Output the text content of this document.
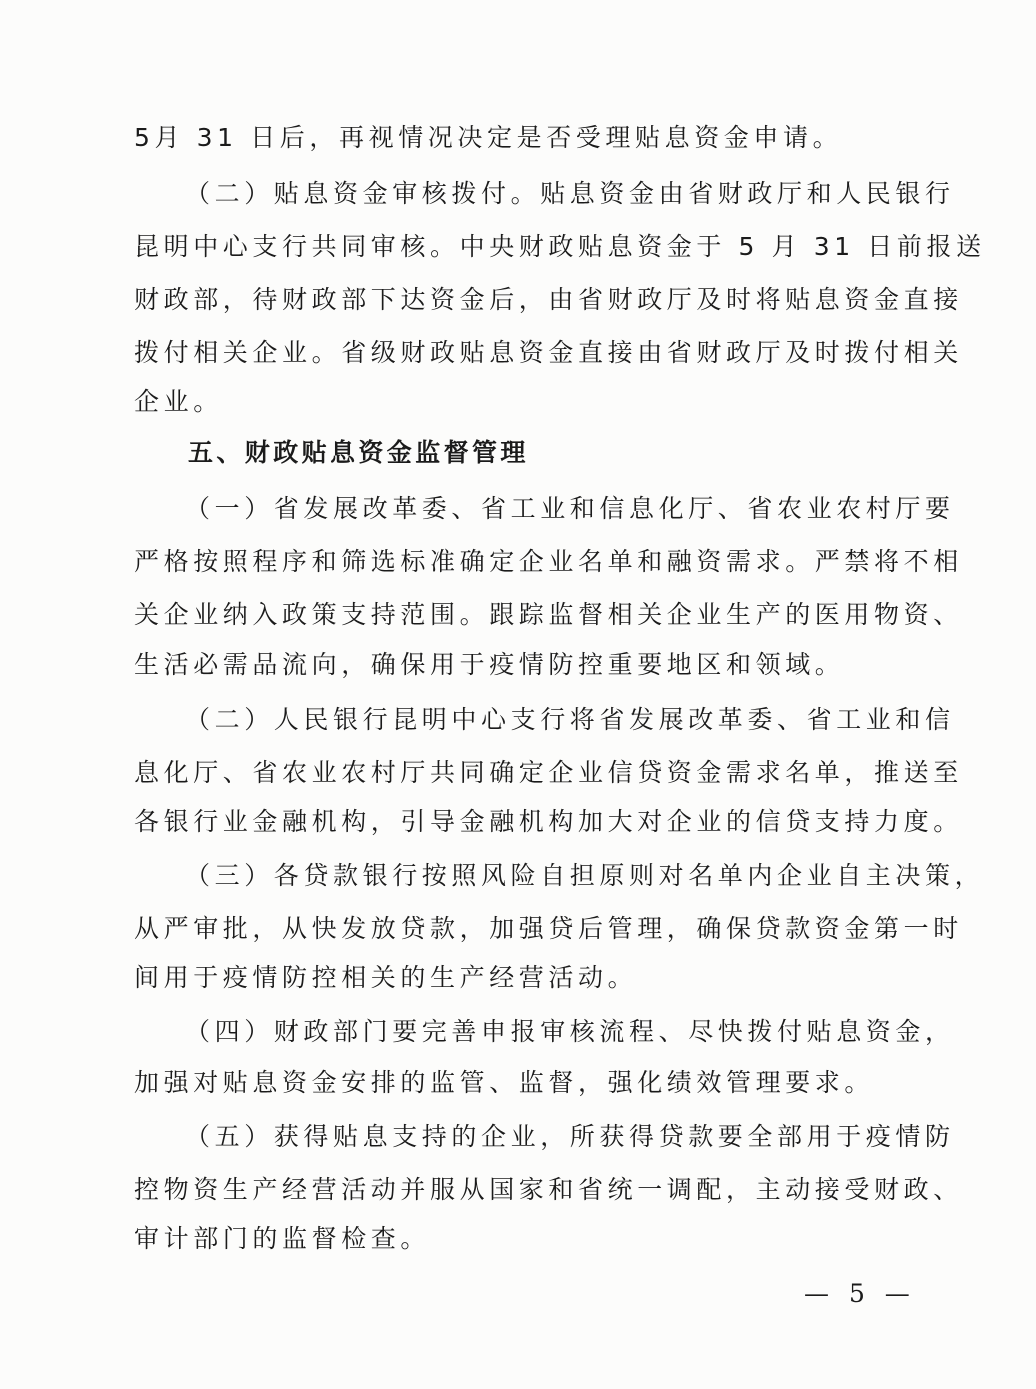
5月 31 日后，再视情况决定是否受理贴息资金申请。
（二）贴息资金审核拨付。贴息资金由省财政厅和人民银行
昆明中心支行共同审核。中央财政贴息资金于 5 月 31 日前报送
财政部，待财政部下达资金后，由省财政厅及时将贴息资金直接
拨付相关企业。省级财政贴息资金直接由省财政厅及时拨付相关
企业。
五、财政贴息资金监督管理
（一）省发展改革委、省工业和信息化厅、省农业农村厅要
严格按照程序和筛选标准确定企业名单和融资需求。严禁将不相
关企业纳入政策支持范围。跟踪监督相关企业生产的医用物资、
生活必需品流向，确保用于疫情防控重要地区和领域。
（二）人民银行昆明中心支行将省发展改革委、省工业和信
息化厅、省农业农村厅共同确定企业信贷资金需求名单，推送至
各银行业金融机构，引导金融机构加大对企业的信贷支持力度。
（三）各贷款银行按照风险自担原则对名单内企业自主决策，
从严审批，从快发放贷款，加强贷后管理，确保贷款资金第一时
间用于疫情防控相关的生产经营活动。
（四）财政部门要完善申报审核流程、尽快拨付贴息资金，
加强对贴息资金安排的监管、监督，强化绩效管理要求。
（五）获得贴息支持的企业，所获得贷款要全部用于疫情防
控物资生产经营活动并服从国家和省统一调配，主动接受财政、
审计部门的监督检查。
— 5 —
